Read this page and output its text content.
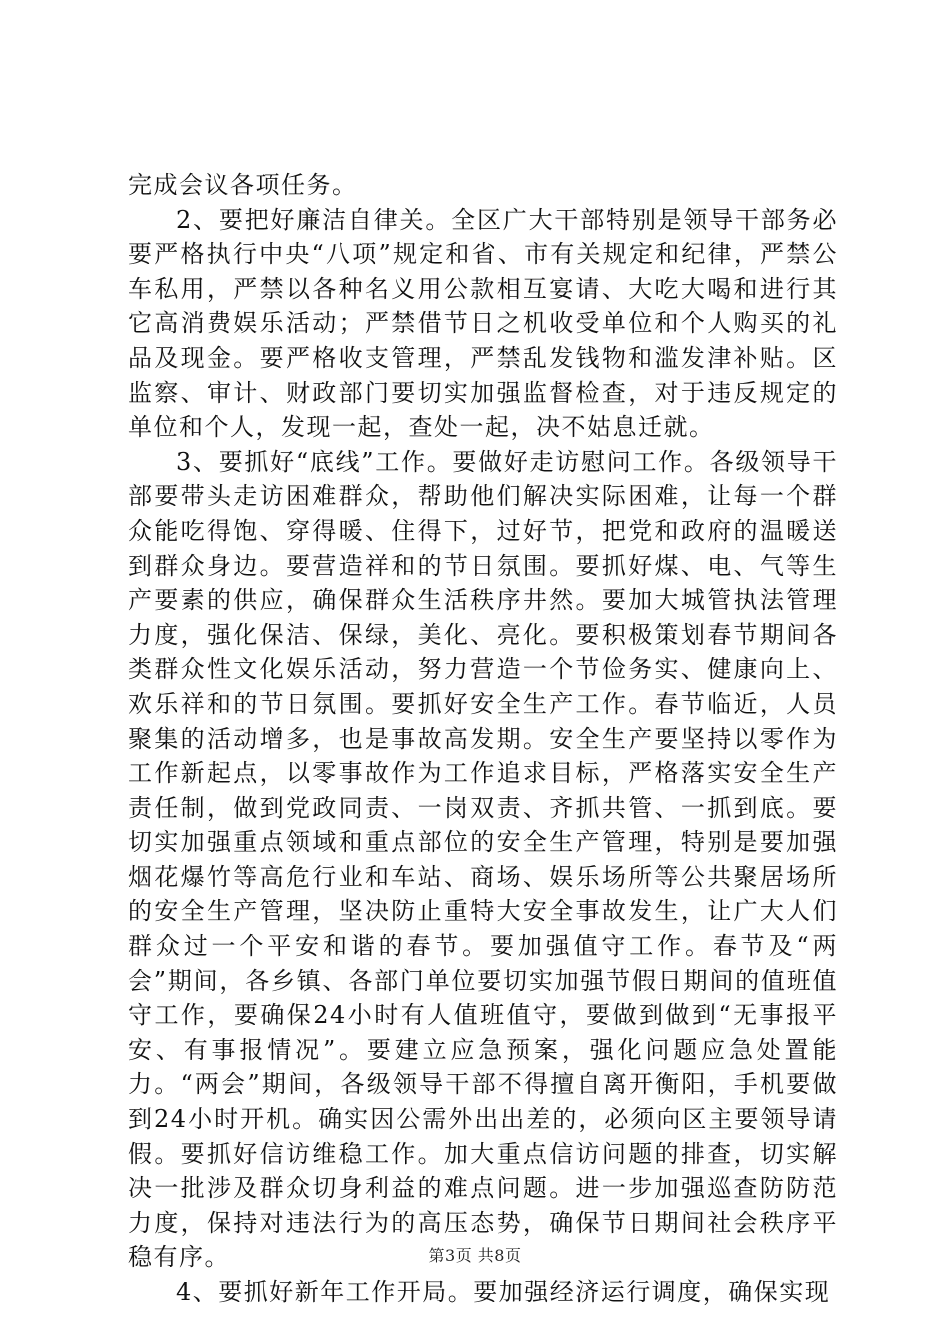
完成会议各项任务。

2、要把好廉洁自律关。全区广大干部特别是领导干部务必要严格执行中央“八项”规定和省、市有关规定和纪律，严禁公车私用，严禁以各种名义用公款相互宴请、大吃大喝和进行其它高消费娱乐活动；严禁借节日之机收受单位和个人购买的礼品及现金。要严格收支管理，严禁乱发钱物和滥发津补贴。区监察、审计、财政部门要切实加强监督检查，对于违反规定的单位和个人，发现一起，查处一起，决不姑息迁就。

3、要抓好“底线”工作。要做好走访慰问工作。各级领导干部要带头走访困难群众，帮助他们解决实际困难，让每一个群众能吃得饱、穿得暖、住得下，过好节，把党和政府的温暖送到群众身边。要营造祥和的节日氛围。要抓好煤、电、气等生产要素的供应，确保群众生活秩序井然。要加大城管执法管理力度，强化保洁、保绿，美化、亮化。要积极策划春节期间各类群众性文化娱乐活动，努力营造一个节俭务实、健康向上、欢乐祥和的节日氛围。要抓好安全生产工作。春节临近，人员聚集的活动增多，也是事故高发期。安全生产要坚持以零作为工作新起点，以零事故作为工作追求目标，严格落实安全生产责任制，做到党政同责、一岗双责、齐抓共管、一抓到底。要切实加强重点领域和重点部位的安全生产管理，特别是要加强烟花爆竹等高危行业和车站、商场、娱乐场所等公共聚居场所的安全生产管理，坚决防止重特大安全事故发生，让广大人们群众过一个平安和谐的春节。要加强值守工作。春节及“两会”期间，各乡镇、各部门单位要切实加强节假日期间的值班值守工作，要确保24小时有人值班值守，要做到做到“无事报平安、有事报情况”。要建立应急预案，强化问题应急处置能力。“两会”期间，各级领导干部不得擅自离开衡阳，手机要做到24小时开机。确实因公需外出出差的，必须向区主要领导请假。要抓好信访维稳工作。加大重点信访问题的排查，切实解决一批涉及群众切身利益的难点问题。进一步加强巡查防防范力度，保持对违法行为的高压态势，确保节日期间社会秩序平稳有序。

4、要抓好新年工作开局。要加强经济运行调度，确保实现

第3页 共8页
